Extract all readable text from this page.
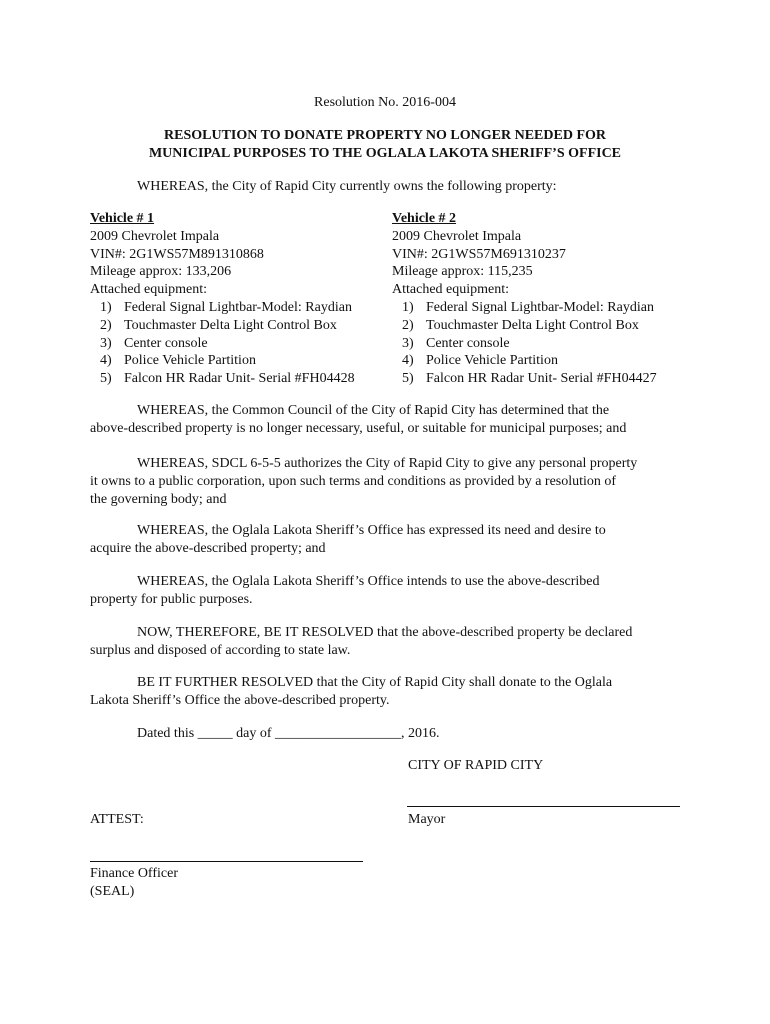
Resolution No. 2016-004
RESOLUTION TO DONATE PROPERTY NO LONGER NEEDED FOR
MUNICIPAL PURPOSES TO THE OGLALA LAKOTA SHERIFF’S OFFICE
WHEREAS, the City of Rapid City currently owns the following property:
Vehicle # 1
2009 Chevrolet Impala
VIN#: 2G1WS57M891310868
Mileage approx: 133,206
Attached equipment:
1) Federal Signal Lightbar-Model: Raydian
2) Touchmaster Delta Light Control Box
3) Center console
4) Police Vehicle Partition
5) Falcon HR Radar Unit- Serial #FH04428
Vehicle # 2
2009 Chevrolet Impala
VIN#: 2G1WS57M691310237
Mileage approx: 115,235
Attached equipment:
1) Federal Signal Lightbar-Model: Raydian
2) Touchmaster Delta Light Control Box
3) Center console
4) Police Vehicle Partition
5) Falcon HR Radar Unit- Serial #FH04427
WHEREAS, the Common Council of the City of Rapid City has determined that the
above-described property is no longer necessary, useful, or suitable for municipal purposes; and
WHEREAS, SDCL 6-5-5 authorizes the City of Rapid City to give any personal property
it owns to a public corporation, upon such terms and conditions as provided by a resolution of
the governing body; and
WHEREAS, the Oglala Lakota Sheriff’s Office has expressed its need and desire to
acquire the above-described property; and
WHEREAS, the Oglala Lakota Sheriff’s Office intends to use the above-described
property for public purposes.
NOW, THEREFORE, BE IT RESOLVED that the above-described property be declared
surplus and disposed of according to state law.
BE IT FURTHER RESOLVED that the City of Rapid City shall donate to the Oglala
Lakota Sheriff’s Office the above-described property.
Dated this _____ day of __________________, 2016.
CITY OF RAPID CITY
Mayor
ATTEST:
Finance Officer
(SEAL)
